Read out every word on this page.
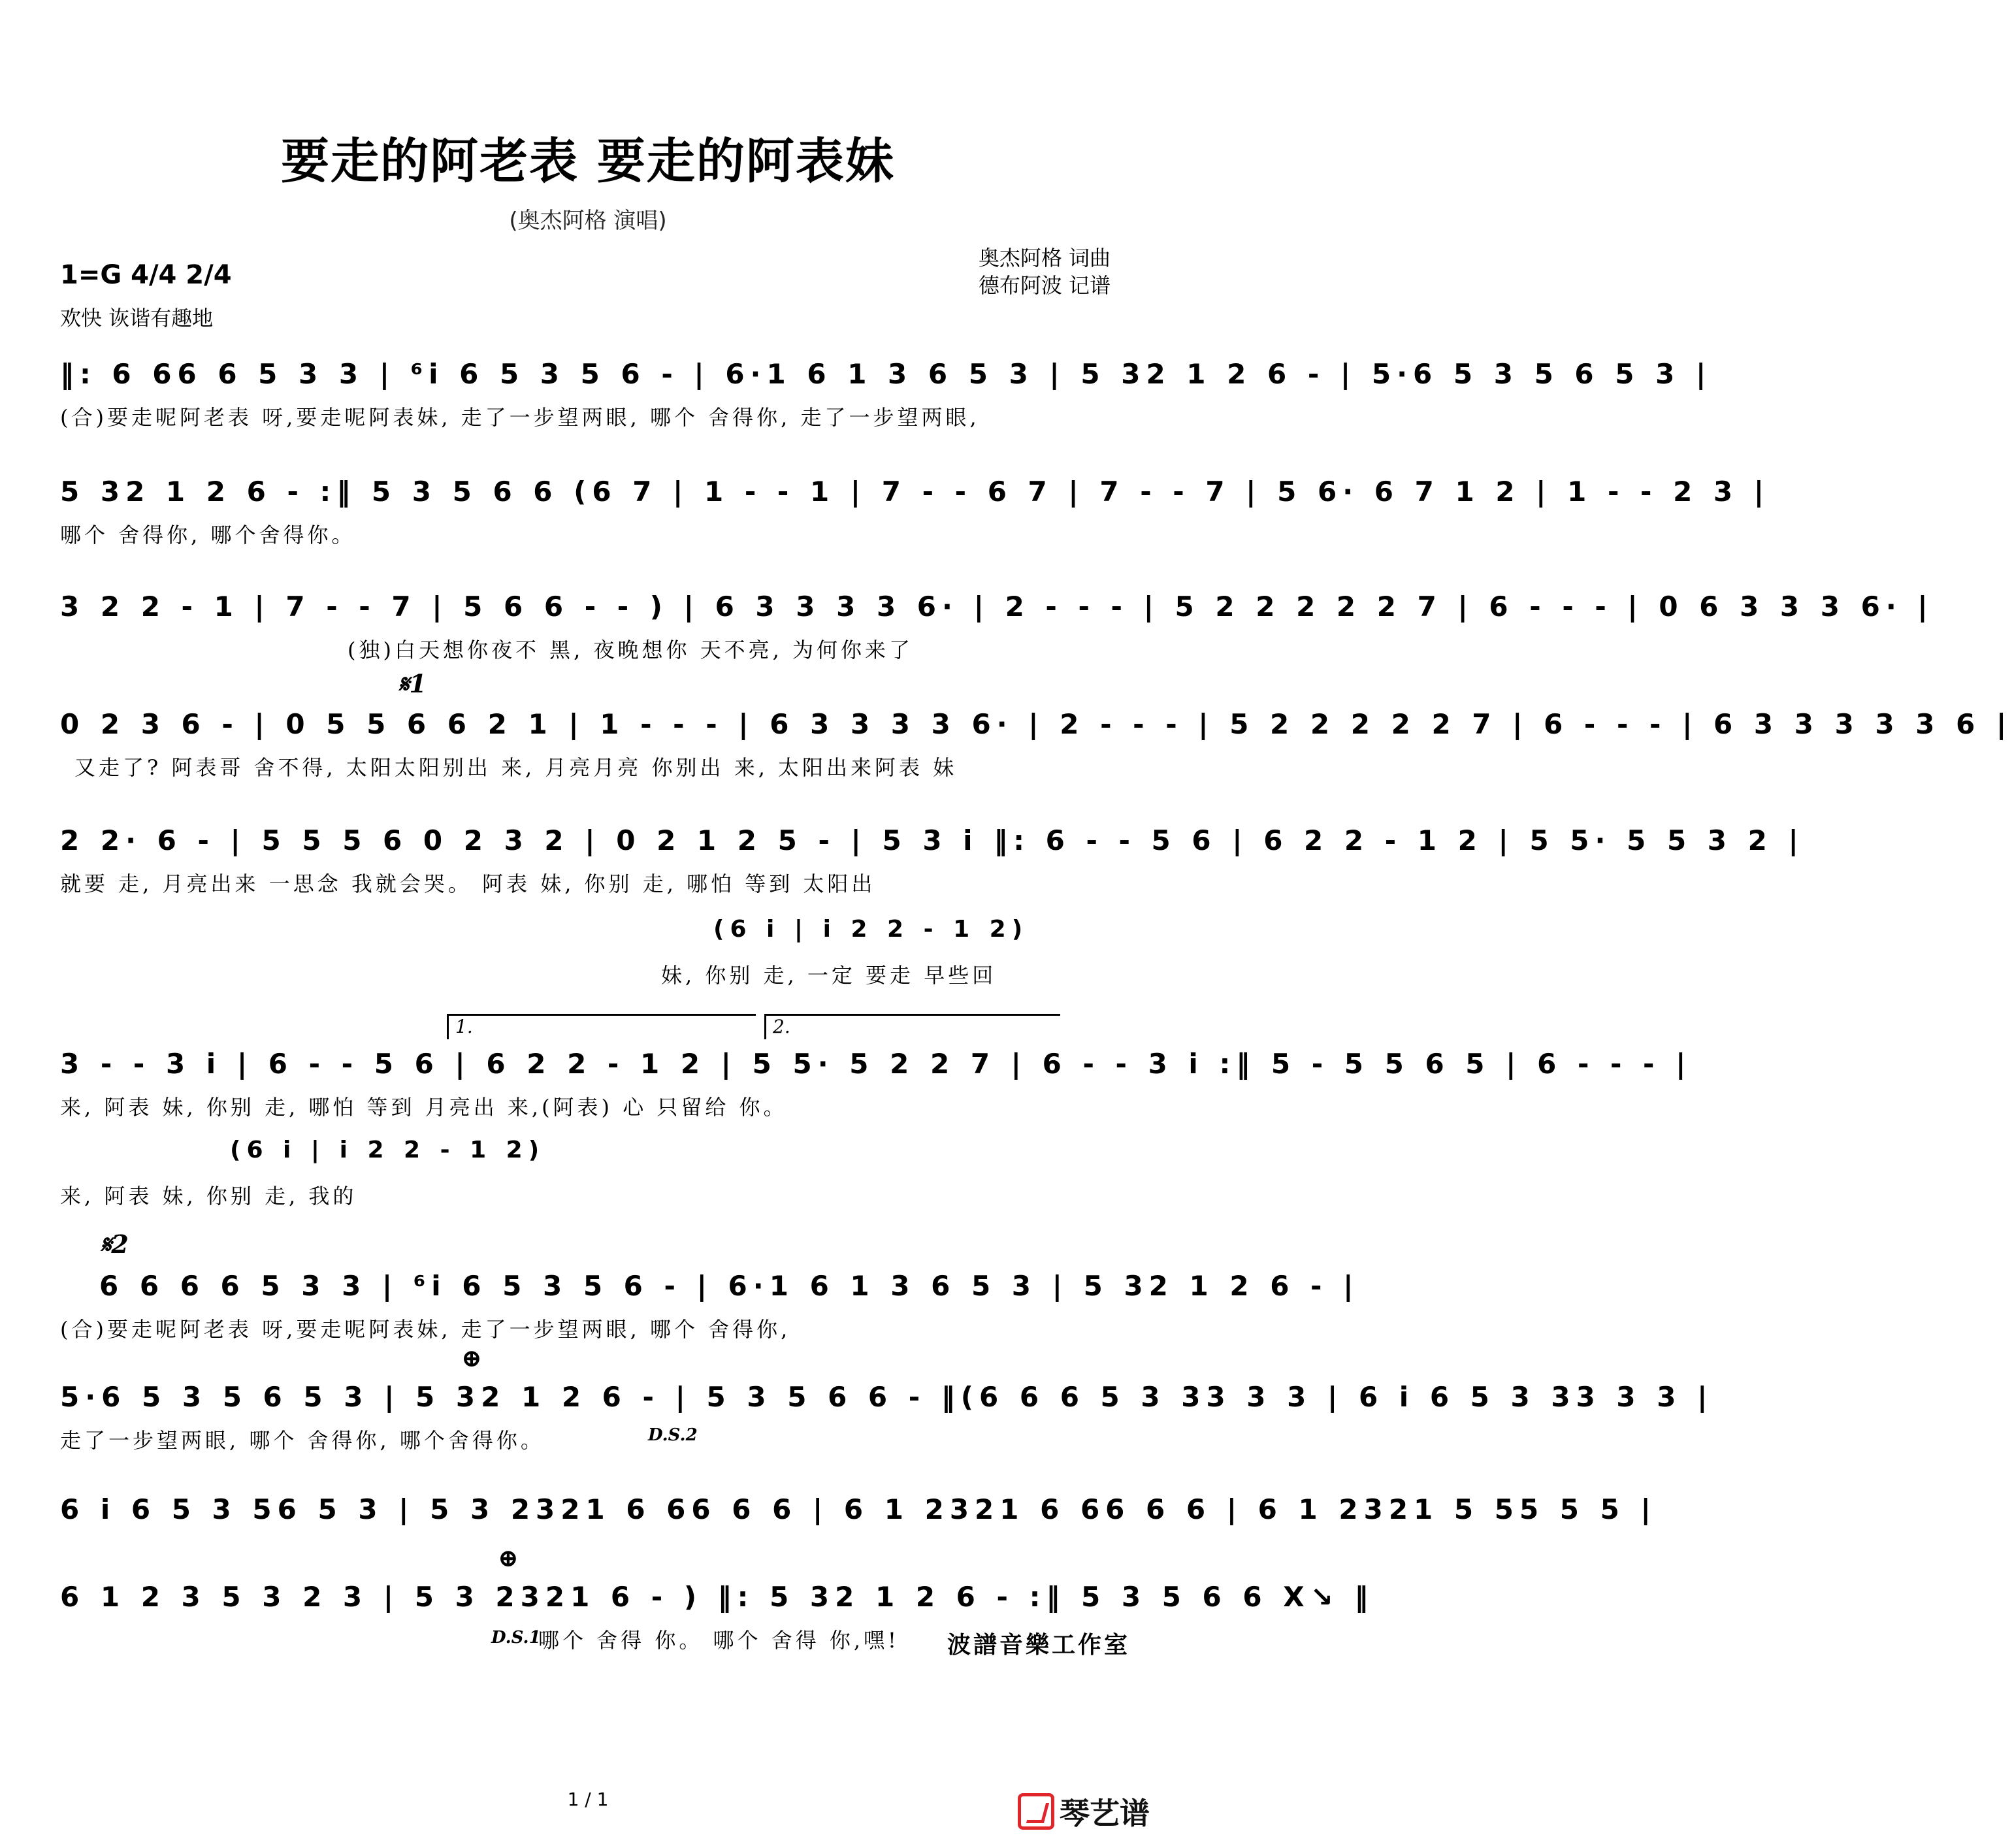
要走的阿老表 要走的阿表妹
(奥杰阿格 演唱)
1=G 4/4 2/4
欢快 诙谐有趣地
奥杰阿格 词曲
德布阿波 记谱
‖: 6 66 6 5 3 3 | ⁶i 6 5 3 5 6 - | 6·1 6 1 3 6 5 3 | 5 32 1 2 6 - | 5·6 5 3 5 6 5 3 |
(合)要走呢阿老表 呀,要走呢阿表妹, 走了一步望两眼, 哪个 舍得你, 走了一步望两眼,
5 32 1 2 6 - :‖ 5 3 5 6 6 (6 7 | 1 - - 1 | 7 - - 6 7 | 7 - - 7 | 5 6· 6 7 1 2 | 1 - - 2 3 |
哪个 舍得你, 哪个舍得你。
3 2 2 - 1 | 7 - - 7 | 5 6 6 - - ) | 6 3 3 3 3 6· | 2 - - - | 5 2 2 2 2 2 7 | 6 - - - | 0 6 3 3 3 6· |
(独)白天想你夜不 黑, 夜晚想你 天不亮, 为何你来了
𝄋1
0 2 3 6 - | 0 5 5 6 6 2 1 | 1 - - - | 6 3 3 3 3 6· | 2 - - - | 5 2 2 2 2 2 7 | 6 - - - | 6 3 3 3 3 3 6 |
又走了? 阿表哥 舍不得, 太阳太阳别出 来, 月亮月亮 你别出 来, 太阳出来阿表 妹
2 2· 6 - | 5 5 5 6 0 2 3 2 | 0 2 1 2 5 - | 5 3 i ‖: 6 - - 5 6 | 6 2 2 - 1 2 | 5 5· 5 5 3 2 |
就要 走, 月亮出来 一思念 我就会哭。 阿表 妹, 你别 走, 哪怕 等到 太阳出
(6 i | i 2 2 - 1 2)
妹, 你别 走, 一定 要走 早些回
1.	2.
3 - - 3 i | 6 - - 5 6 | 6 2 2 - 1 2 | 5 5· 5 2 2 7 | 6 - - 3 i :‖ 5 - 5 5 6 5 | 6 - - - |
来, 阿表 妹, 你别 走, 哪怕 等到 月亮出 来,(阿表) 心 只留给 你。
(6 i | i 2 2 - 1 2)
来, 阿表 妹, 你别 走, 我的
𝄋2
6 6 6 6 5 3 3 | ⁶i 6 5 3 5 6 - | 6·1 6 1 3 6 5 3 | 5 32 1 2 6 - |
(合)要走呢阿老表 呀,要走呢阿表妹, 走了一步望两眼, 哪个 舍得你,
⊕
5·6 5 3 5 6 5 3 | 5 32 1 2 6 - | 5 3 5 6 6 - ‖(6 6 6 5 3 33 3 3 | 6 i 6 5 3 33 3 3 |
走了一步望两眼, 哪个 舍得你, 哪个舍得你。	D.S.2
6 i 6 5 3 56 5 3 | 5 3 2321 6 66 6 6 | 6 1 2321 6 66 6 6 | 6 1 2321 5 55 5 5 |
⊕
6 1 2 3 5 3 2 3 | 5 3 2321 6 - ) ‖: 5 32 1 2 6 - :‖ 5 3 5 6 6 X↘ ‖
D.S.1
哪个 舍得 你。 哪个 舍得 你,嘿! 波譜音樂工作室
1 / 1	琴艺谱
